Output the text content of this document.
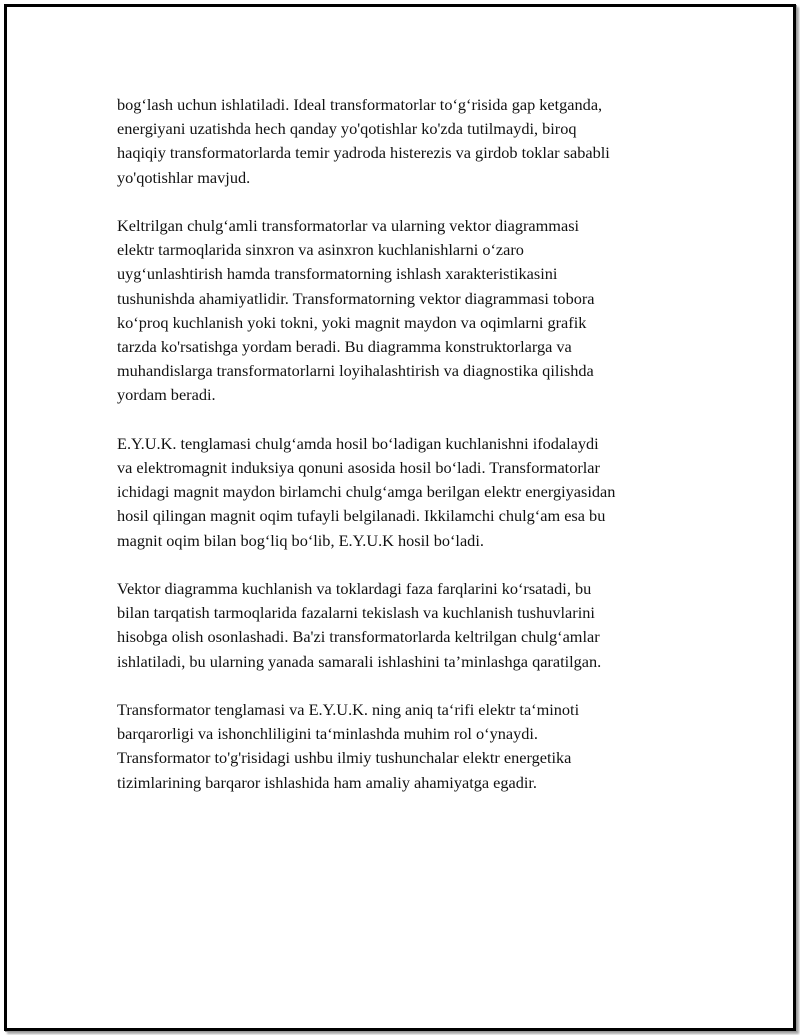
bog‘lash uchun ishlatiladi. Ideal transformatorlar to‘g‘risida gap ketganda,
energiyani uzatishda hech qanday yo'qotishlar ko'zda tutilmaydi, biroq
haqiqiy transformatorlarda temir yadroda histerezis va girdob toklar sababli
yo'qotishlar mavjud.

Keltrilgan chulg‘amli transformatorlar va ularning vektor diagrammasi
elektr tarmoqlarida sinxron va asinxron kuchlanishlarni o‘zaro
uyg‘unlashtirish hamda transformatorning ishlash xarakteristikasini
tushunishda ahamiyatlidir. Transformatorning vektor diagrammasi tobora
ko‘proq kuchlanish yoki tokni, yoki magnit maydon va oqimlarni grafik
tarzda ko'rsatishga yordam beradi. Bu diagramma konstruktorlarga va
muhandislarga transformatorlarni loyihalashtirish va diagnostika qilishda
yordam beradi.

E.Y.U.K. tenglamasi chulg‘amda hosil bo‘ladigan kuchlanishni ifodalaydi
va elektromagnit induksiya qonuni asosida hosil bo‘ladi. Transformatorlar
ichidagi magnit maydon birlamchi chulg‘amga berilgan elektr energiyasidan
hosil qilingan magnit oqim tufayli belgilanadi. Ikkilamchi chulg‘am esa bu
magnit oqim bilan bog‘liq bo‘lib, E.Y.U.K hosil bo‘ladi.

Vektor diagramma kuchlanish va toklardagi faza farqlarini ko‘rsatadi, bu
bilan tarqatish tarmoqlarida fazalarni tekislash va kuchlanish tushuvlarini
hisobga olish osonlashadi. Ba'zi transformatorlarda keltrilgan chulg‘amlar
ishlatiladi, bu ularning yanada samarali ishlashini ta’minlashga qaratilgan.

Transformator tenglamasi va E.Y.U.K. ning aniq ta‘rifi elektr ta‘minoti
barqarorligi va ishonchliligini ta‘minlashda muhim rol o‘ynaydi.
Transformator to'g'risidagi ushbu ilmiy tushunchalar elektr energetika
tizimlarining barqaror ishlashida ham amaliy ahamiyatga egadir.
